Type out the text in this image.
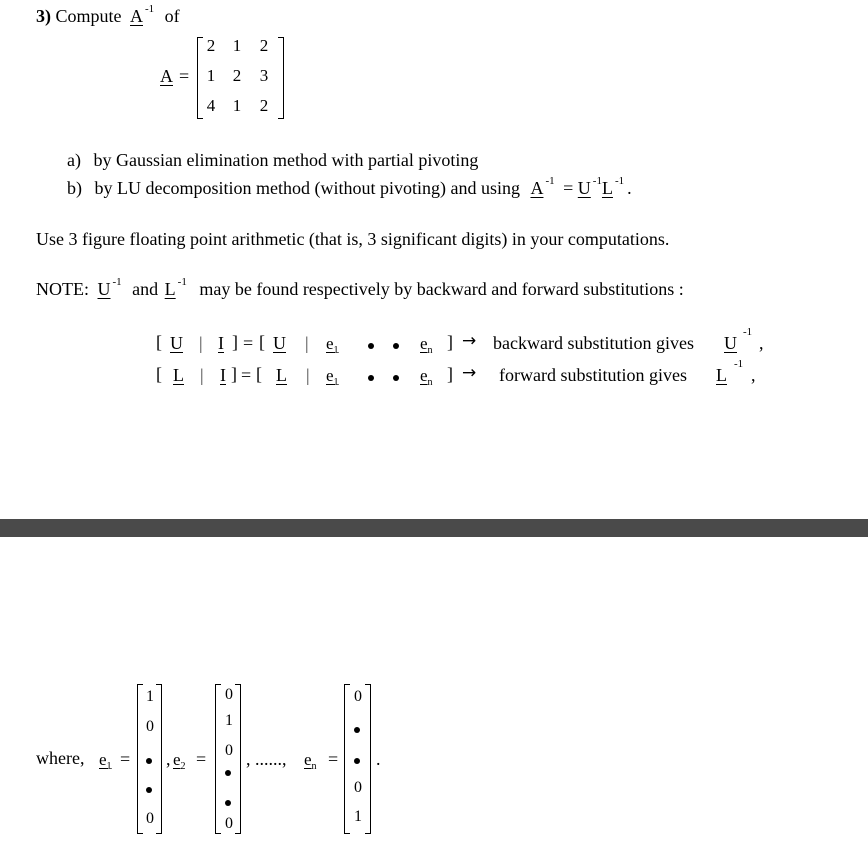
3) Compute A $^{-1}$ of
A =
2	1	2
1	2	3
4	1	2
a) by Gaussian elimination method with partial pivoting
b) by LU decomposition method (without pivoting) and using A $^{-1}$ = U $^{-1}$L $^{-1}$ .
Use 3 figure floating point arithmetic (that is, 3 significant digits) in your computations.
NOTE: U $^{-1}$ and L $^{-1}$ may be found respectively by backward and forward substitutions :
[ U | I ] = [ U | $e_1$	$e_n$ ] → backward substitution gives U
-1
,
[ L | I ] = [ L | $e_1$	$e_n$ ] → forward substitution gives L
-1
,
where, $e_1$ =
1
0
0
, $e_2$ =
0
1
0
0
, ......, $e_n$ =
0
0
1
.
